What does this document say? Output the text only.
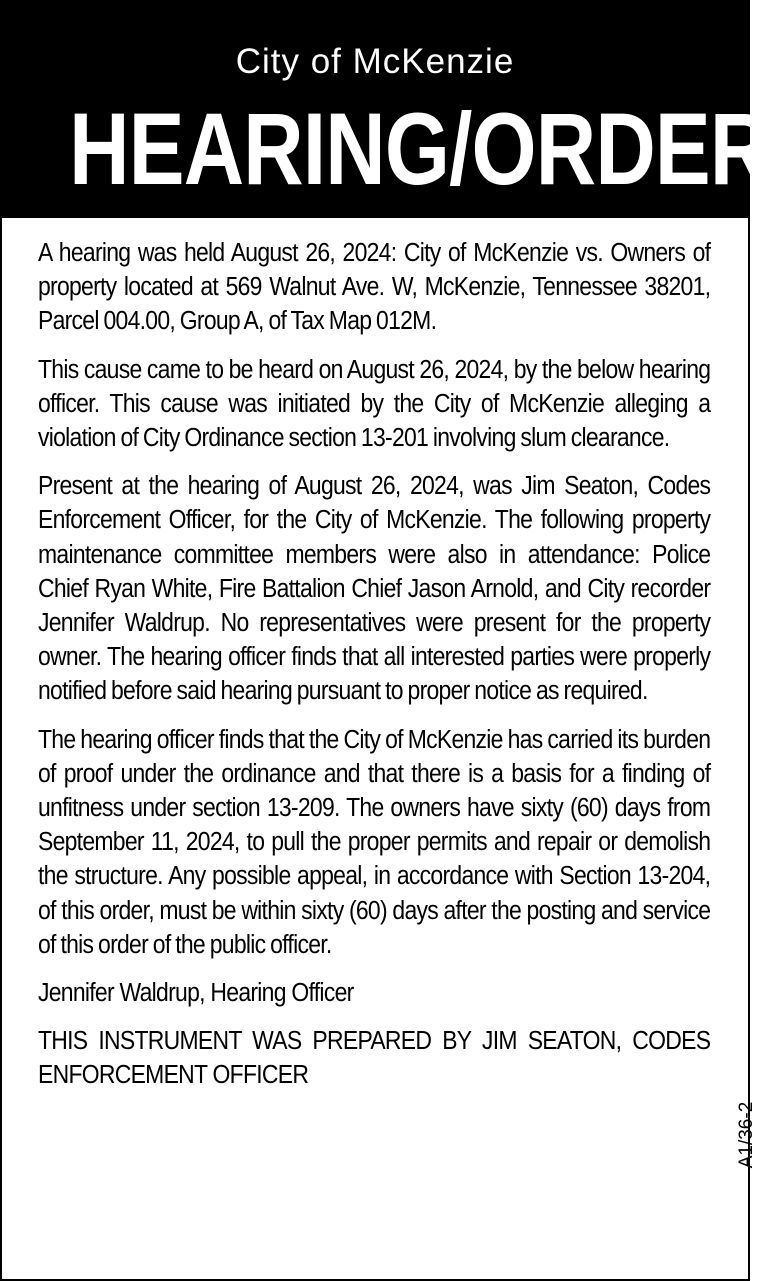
City of McKenzie
HEARING/ORDER

A hearing was held August 26, 2024: City of McKenzie vs. Owners of property located at 569 Walnut Ave. W, McKenzie, Tennessee 38201, Parcel 004.00, Group A, of Tax Map 012M.

This cause came to be heard on August 26, 2024, by the below hearing officer. This cause was initiated by the City of McKenzie alleging a violation of City Ordinance section 13-201 involving slum clearance.

Present at the hearing of August 26, 2024, was Jim Seaton, Codes Enforcement Officer, for the City of McKenzie. The following property maintenance committee members were also in attendance: Police Chief Ryan White, Fire Battalion Chief Jason Arnold, and City recorder Jennifer Waldrup. No representatives were present for the property owner. The hearing officer finds that all interested parties were properly notified before said hearing pursuant to proper notice as required.

The hearing officer finds that the City of McKenzie has carried its burden of proof under the ordinance and that there is a basis for a finding of unfitness under section 13-209. The owners have sixty (60) days from September 11, 2024, to pull the proper permits and repair or demolish the structure. Any possible appeal, in accordance with Section 13-204, of this order, must be within sixty (60) days after the posting and service of this order of the public officer.

Jennifer Waldrup, Hearing Officer

THIS INSTRUMENT WAS PREPARED BY JIM SEATON, CODES ENFORCEMENT OFFICER

A1/36-2
